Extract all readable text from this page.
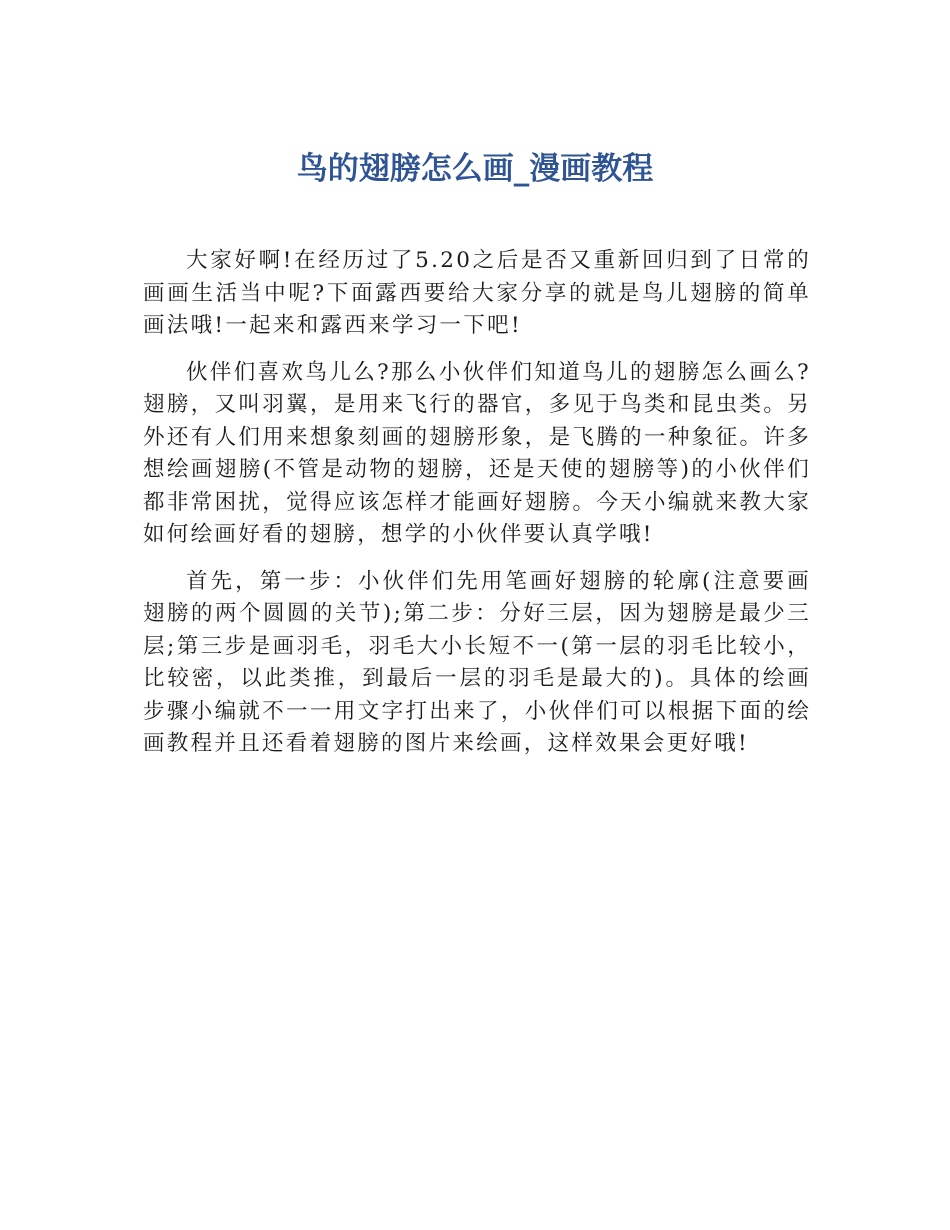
鸟的翅膀怎么画_漫画教程

大家好啊!在经历过了5.20之后是否又重新回归到了日常的画画生活当中呢?下面露西要给大家分享的就是鸟儿翅膀的简单画法哦!一起来和露西来学习一下吧!

伙伴们喜欢鸟儿么?那么小伙伴们知道鸟儿的翅膀怎么画么?翅膀，又叫羽翼，是用来飞行的器官，多见于鸟类和昆虫类。另外还有人们用来想象刻画的翅膀形象，是飞腾的一种象征。许多想绘画翅膀(不管是动物的翅膀，还是天使的翅膀等)的小伙伴们都非常困扰，觉得应该怎样才能画好翅膀。今天小编就来教大家如何绘画好看的翅膀，想学的小伙伴要认真学哦!

首先，第一步：小伙伴们先用笔画好翅膀的轮廓(注意要画翅膀的两个圆圆的关节);第二步：分好三层，因为翅膀是最少三层;第三步是画羽毛，羽毛大小长短不一(第一层的羽毛比较小，比较密，以此类推，到最后一层的羽毛是最大的)。具体的绘画步骤小编就不一一用文字打出来了，小伙伴们可以根据下面的绘画教程并且还看着翅膀的图片来绘画，这样效果会更好哦!
